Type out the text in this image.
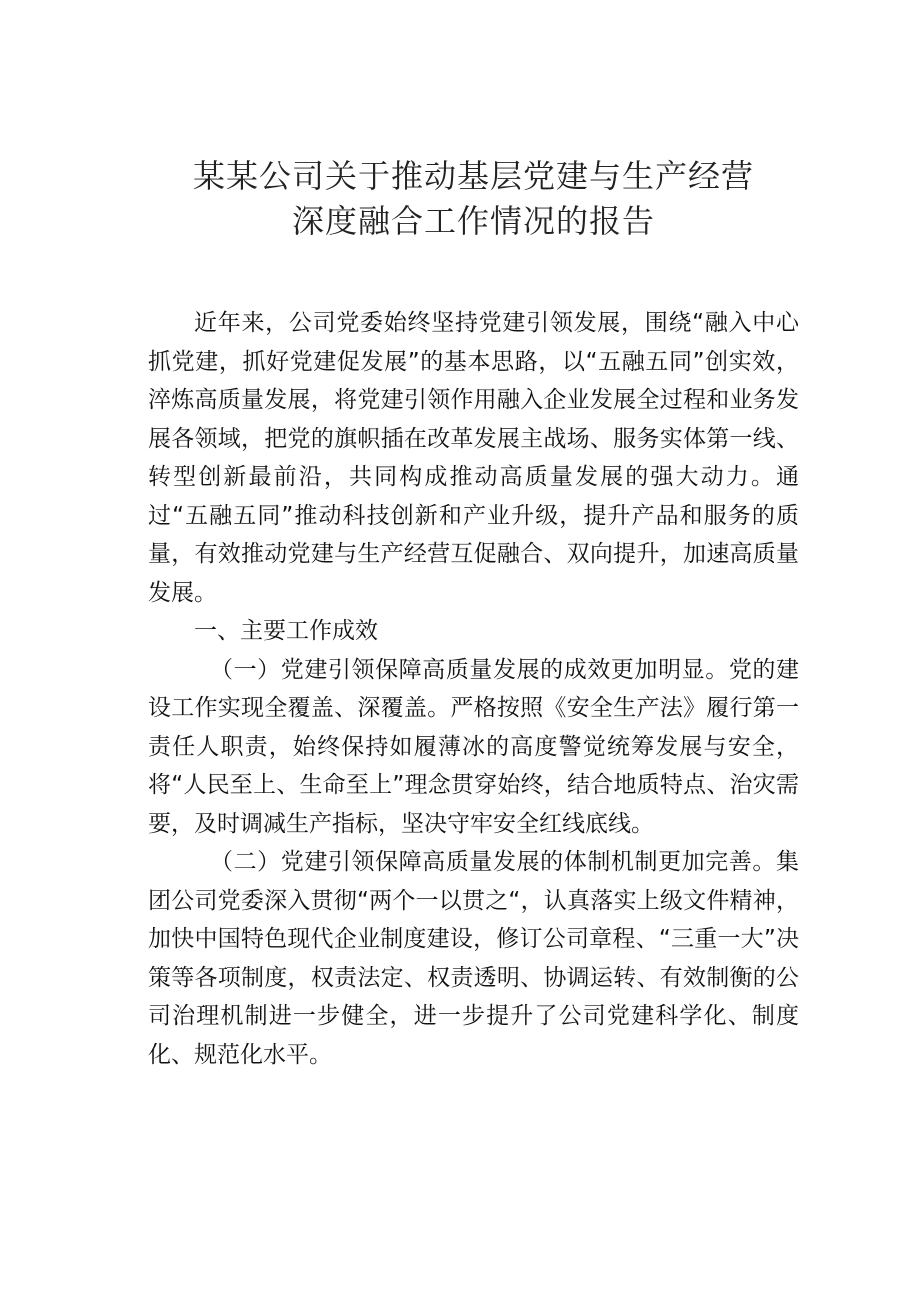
某某公司关于推动基层党建与生产经营
深度融合工作情况的报告

近年来，公司党委始终坚持党建引领发展，围绕“融入中心抓党建，抓好党建促发展”的基本思路，以“五融五同”创实效，淬炼高质量发展，将党建引领作用融入企业发展全过程和业务发展各领域，把党的旗帜插在改革发展主战场、服务实体第一线、转型创新最前沿，共同构成推动高质量发展的强大动力。通过“五融五同”推动科技创新和产业升级，提升产品和服务的质量，有效推动党建与生产经营互促融合、双向提升，加速高质量发展。

一、主要工作成效

（一）党建引领保障高质量发展的成效更加明显。党的建设工作实现全覆盖、深覆盖。严格按照《安全生产法》履行第一责任人职责，始终保持如履薄冰的高度警觉统筹发展与安全，将“人民至上、生命至上”理念贯穿始终，结合地质特点、治灾需要，及时调减生产指标，坚决守牢安全红线底线。

（二）党建引领保障高质量发展的体制机制更加完善。集团公司党委深入贯彻“两个一以贯之“，认真落实上级文件精神，加快中国特色现代企业制度建设，修订公司章程、“三重一大”决策等各项制度，权责法定、权责透明、协调运转、有效制衡的公司治理机制进一步健全，进一步提升了公司党建科学化、制度化、规范化水平。
